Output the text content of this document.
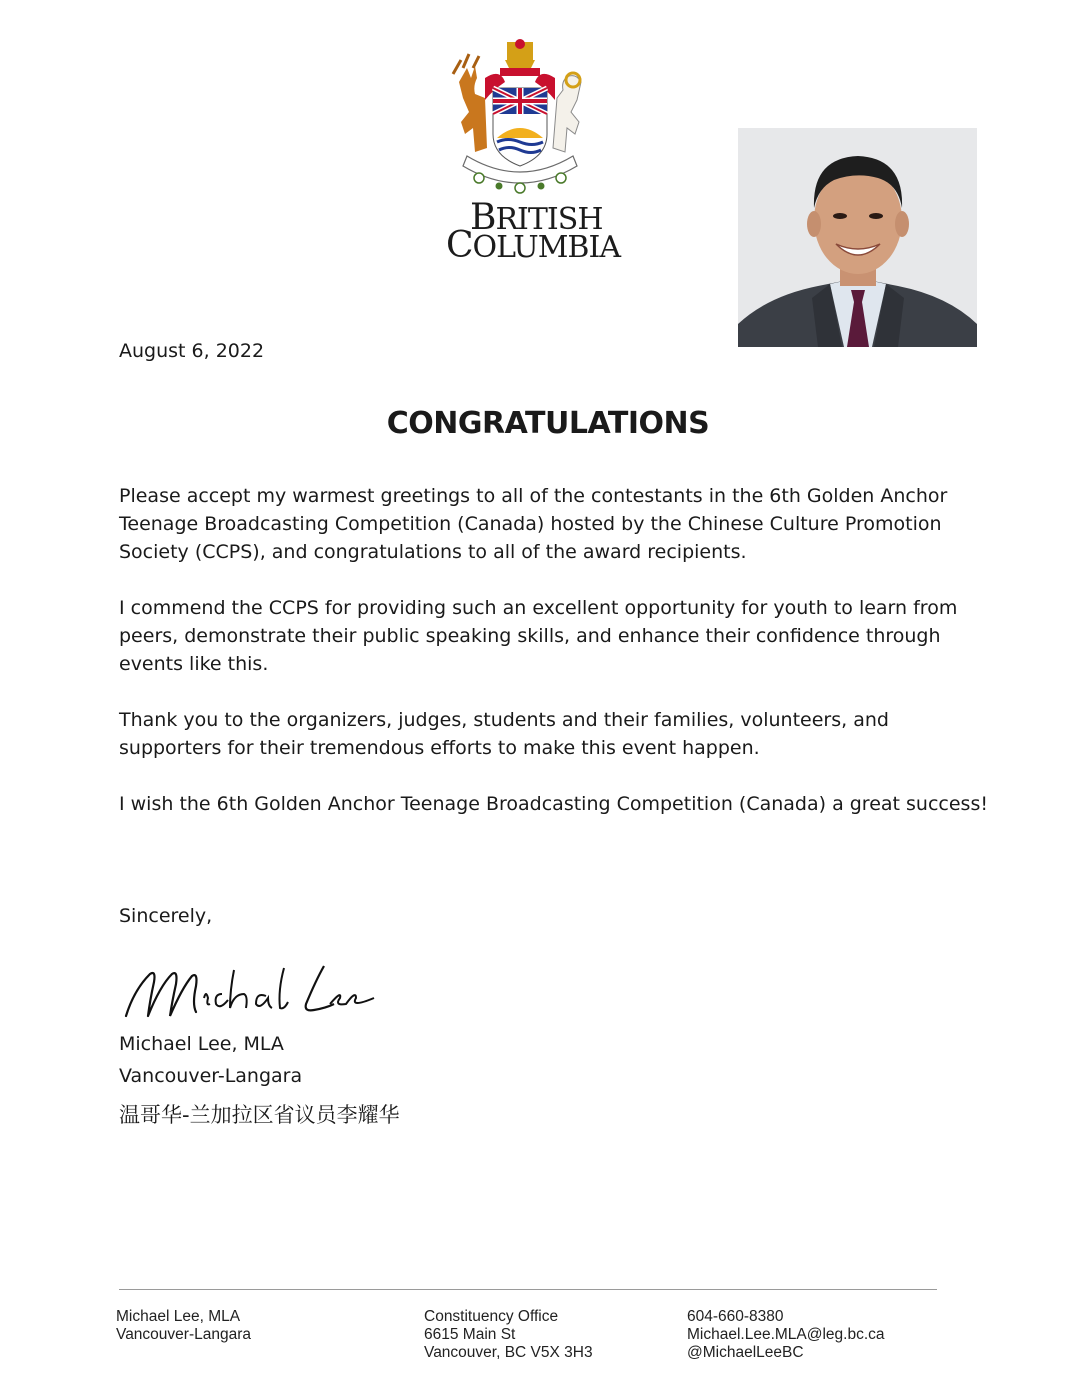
BRITISH
COLUMBIA
August 6, 2022
CONGRATULATIONS
Please accept my warmest greetings to all of the contestants in the 6th Golden Anchor Teenage Broadcasting Competition (Canada) hosted by the Chinese Culture Promotion Society (CCPS), and congratulations to all of the award recipients.
I commend the CCPS for providing such an excellent opportunity for youth to learn from peers, demonstrate their public speaking skills, and enhance their confidence through events like this.
Thank you to the organizers, judges, students and their families, volunteers, and supporters for their tremendous efforts to make this event happen.
I wish the 6th Golden Anchor Teenage Broadcasting Competition (Canada) a great success!
Sincerely,
Michael Lee, MLA
Vancouver-Langara
温哥华-兰加拉区省议员李耀华
Michael Lee, MLA
Vancouver-Langara
Constituency Office
6615 Main St
Vancouver, BC V5X 3H3
604-660-8380
Michael.Lee.MLA@leg.bc.ca
@MichaelLeeBC
